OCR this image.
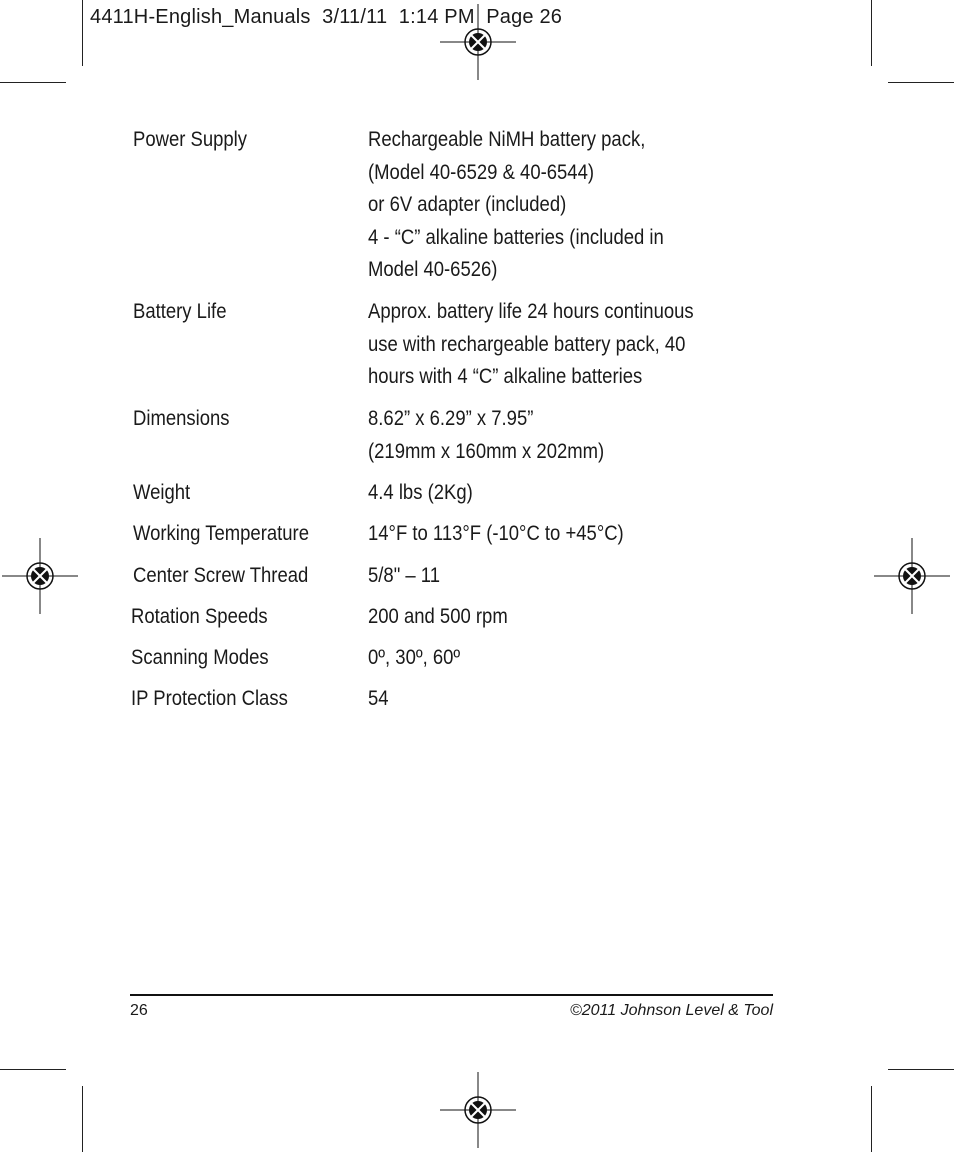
4411H-English_Manuals  3/11/11  1:14 PM  Page 26
Power Supply	Rechargeable NiMH battery pack,
(Model 40-6529 & 40-6544)
or 6V adapter (included)
4 - “C” alkaline batteries (included in
Model 40-6526)
Battery Life	Approx. battery life 24 hours continuous
use with rechargeable battery pack, 40
hours with 4 “C” alkaline batteries
Dimensions	8.62” x 6.29” x 7.95”
(219mm x 160mm x 202mm)
Weight	4.4 lbs (2Kg)
Working Temperature	14°F to 113°F (-10°C to +45°C)
Center Screw Thread	5/8" – 11
Rotation Speeds	200 and 500 rpm
Scanning Modes	0º, 30º, 60º
IP Protection Class	54
26	©2011 Johnson Level & Tool
